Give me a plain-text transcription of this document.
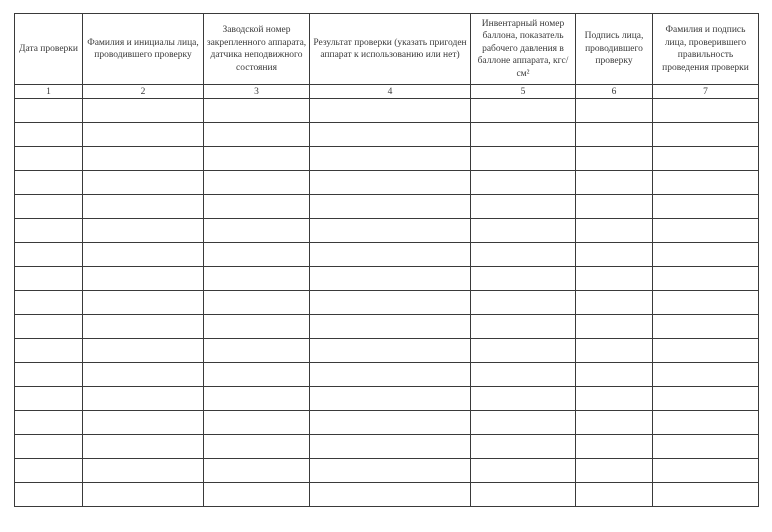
Дата проверки	Фамилия и инициалы лица, проводившего проверку	Заводской номер закрепленного аппарата, датчика неподвижного состояния	Результат проверки (указать пригоден аппарат к использованию или нет)	Инвентарный номер баллона, показатель рабочего давления в баллоне аппарата, кгс/см²	Подпись лица, проводившего проверку	Фамилия и подпись лица, проверившего правильность проведения проверки
1	2	3	4	5	6	7
